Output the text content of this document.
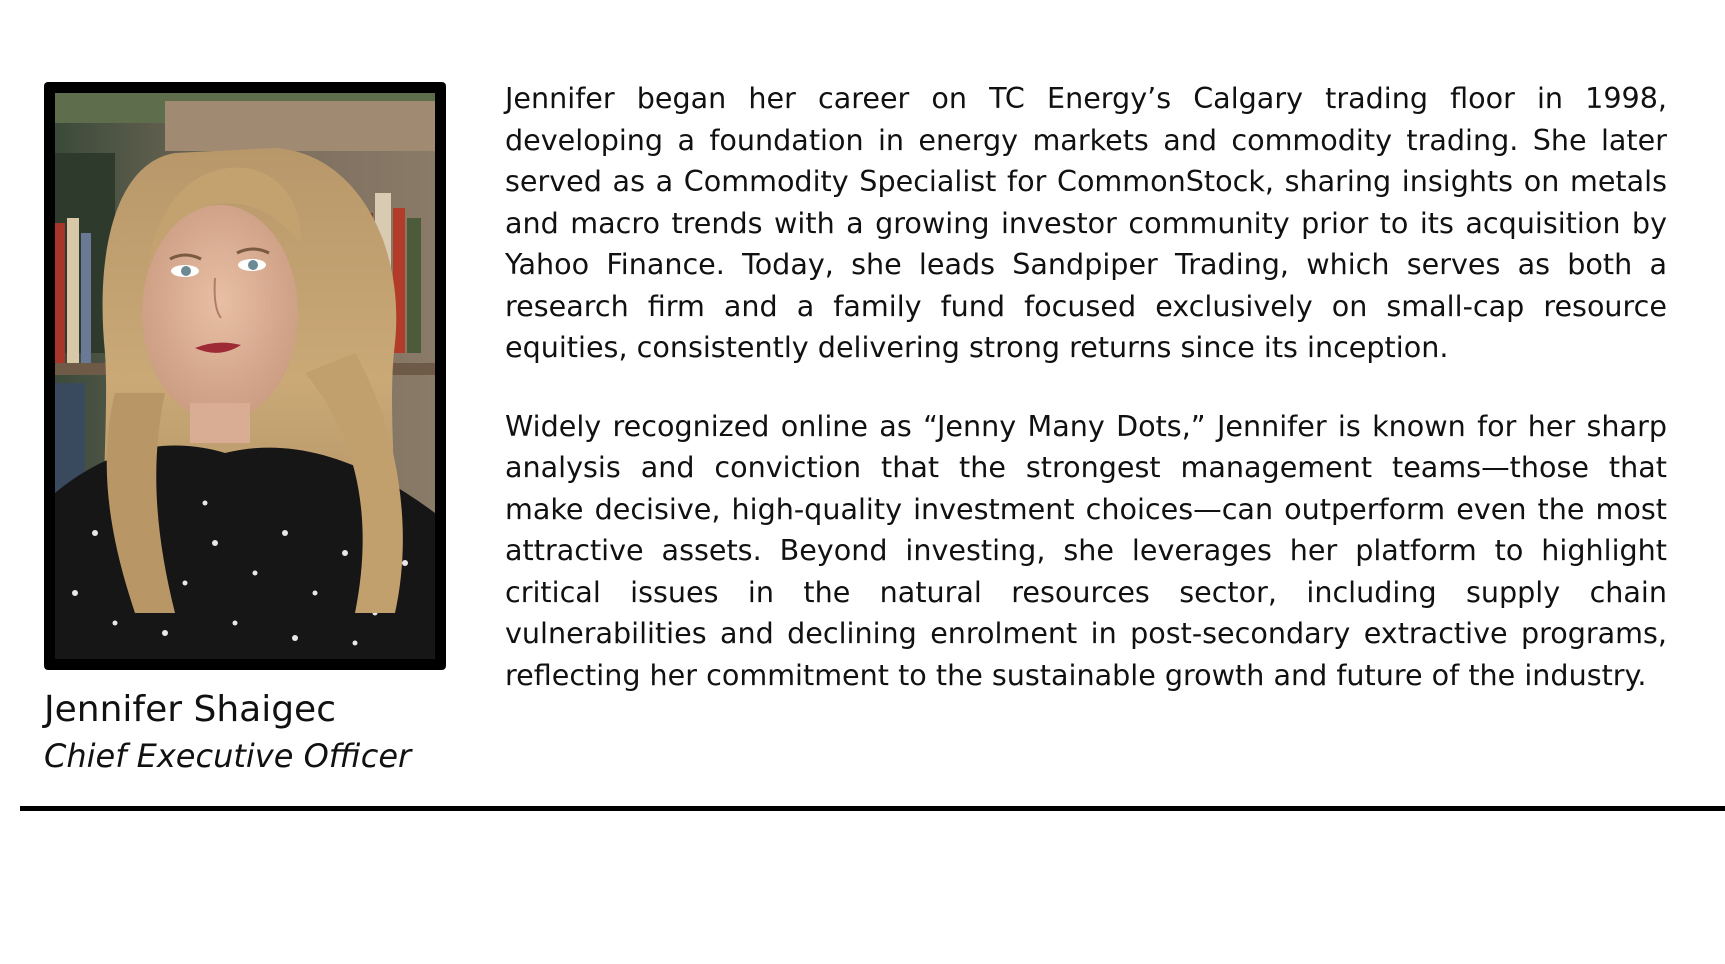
Jennifer Shaigec
Chief Executive Officer

Jennifer began her career on TC Energy’s Calgary trading floor in 1998, developing a foundation in energy markets and commodity trading. She later served as a Commodity Specialist for CommonStock, sharing insights on metals and macro trends with a growing investor community prior to its acquisition by Yahoo Finance. Today, she leads Sandpiper Trading, which serves as both a research firm and a family fund focused exclusively on small-cap resource equities, consistently delivering strong returns since its inception.

Widely recognized online as “Jenny Many Dots,” Jennifer is known for her sharp analysis and conviction that the strongest management teams—those that make decisive, high-quality investment choices—can outperform even the most attractive assets. Beyond investing, she leverages her platform to highlight critical issues in the natural resources sector, including supply chain vulnerabilities and declining enrolment in post-secondary extractive programs, reflecting her commitment to the sustainable growth and future of the industry.
